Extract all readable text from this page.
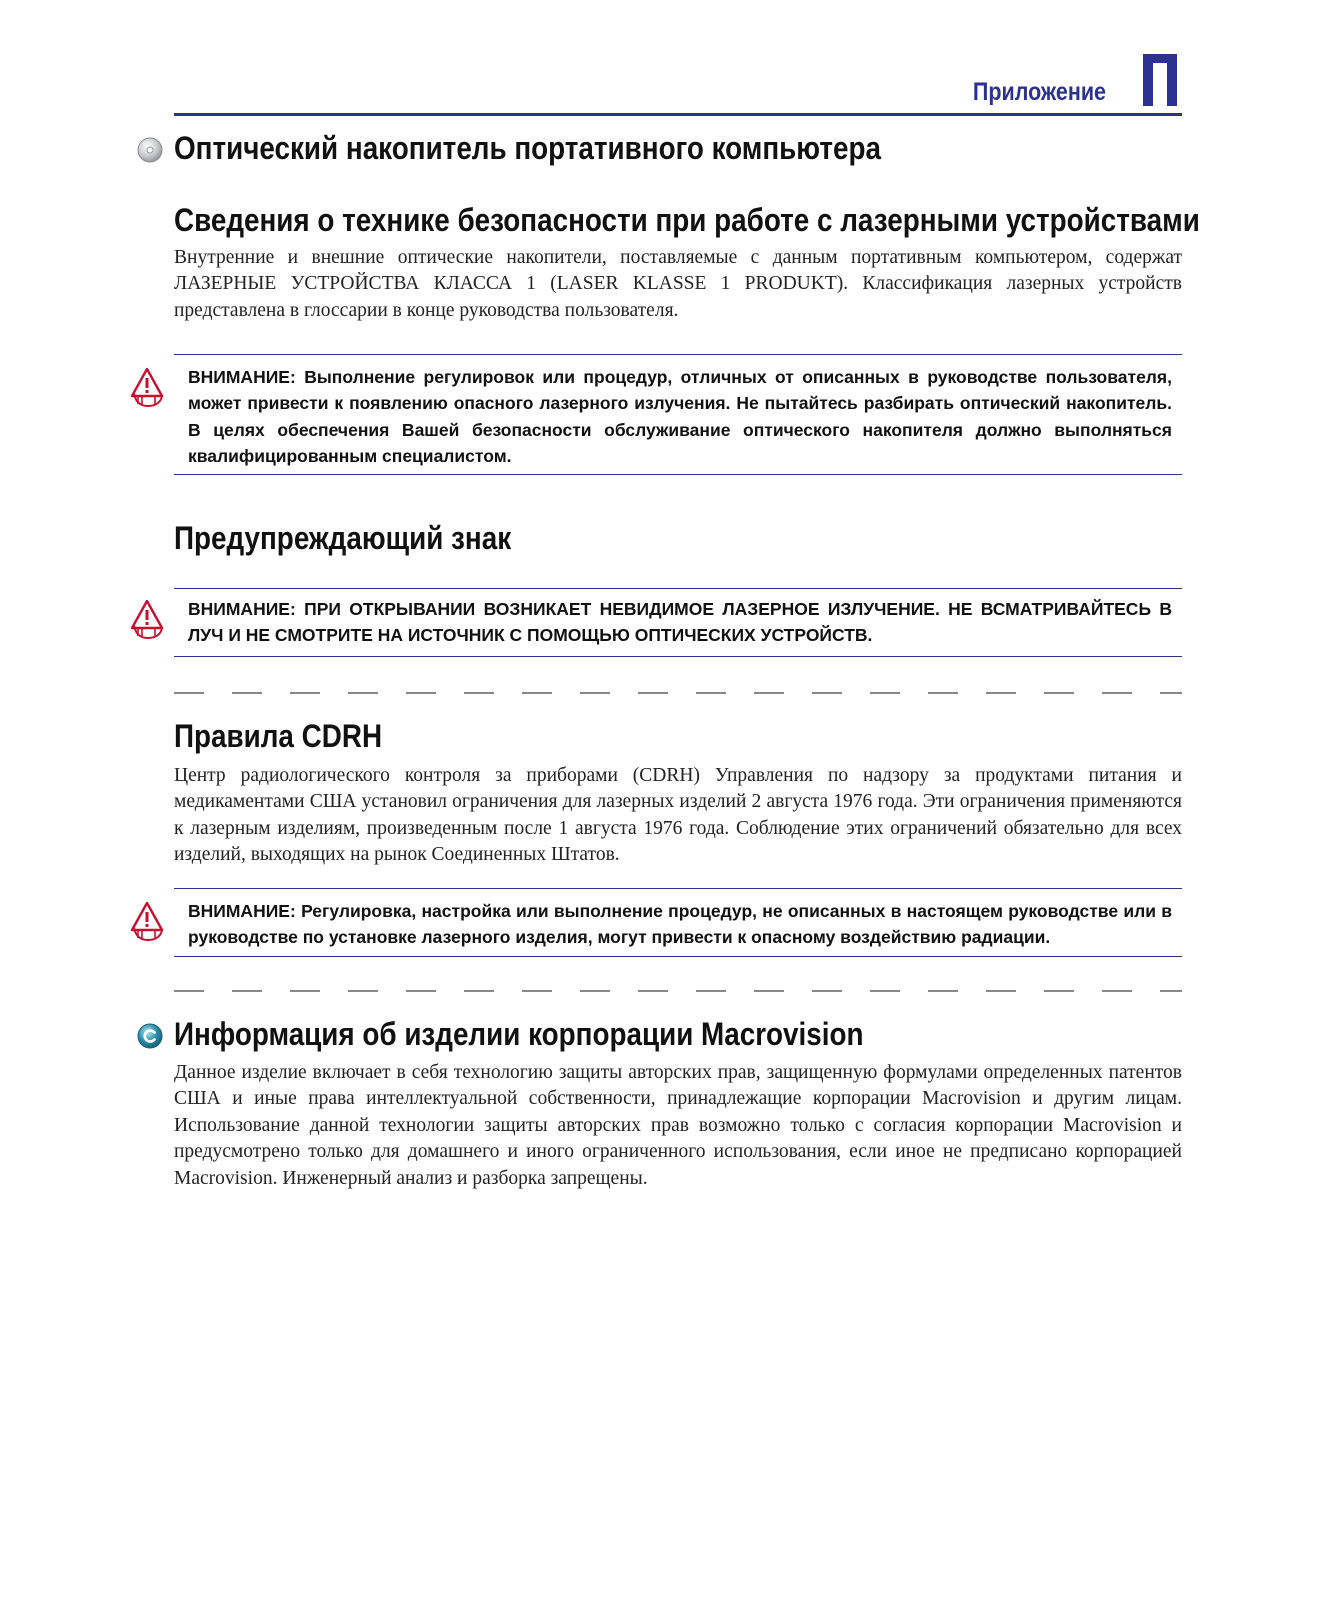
Приложение
Оптический накопитель портативного компьютера
Сведения о технике безопасности при работе с лазерными устройствами
Внутренние и внешние оптические накопители, поставляемые с данным портативным компьютером, содержат ЛАЗЕРНЫЕ УСТРОЙСТВА КЛАССА 1 (LASER KLASSE 1 PRODUKT). Классификация лазерных устройств представлена в глоссарии в конце руководства пользователя.
ВНИМАНИЕ: Выполнение регулировок или процедур, отличных от описанных в руководстве пользователя, может привести к появлению опасного лазерного излучения. Не пытайтесь разбирать оптический накопитель. В целях обеспечения Вашей безопасности обслуживание оптического накопителя должно выполняться квалифицированным специалистом.
Предупреждающий знак
ВНИМАНИЕ: ПРИ ОТКРЫВАНИИ ВОЗНИКАЕТ НЕВИДИМОЕ ЛАЗЕРНОЕ ИЗЛУЧЕНИЕ. НЕ ВСМАТРИВАЙТЕСЬ В ЛУЧ И НЕ СМОТРИТЕ НА ИСТОЧНИК С ПОМОЩЬЮ ОПТИЧЕСКИХ УСТРОЙСТВ.
Правила CDRH
Центр радиологического контроля за приборами (CDRH) Управления по надзору за продуктами питания и медикаментами США установил ограничения для лазерных изделий 2 августа 1976 года. Эти ограничения применяются к лазерным изделиям, произведенным после 1 августа 1976 года. Соблюдение этих ограничений обязательно для всех изделий, выходящих на рынок Соединенных Штатов.
ВНИМАНИЕ: Регулировка, настройка или выполнение процедур, не описанных в настоящем руководстве или в руководстве по установке лазерного изделия, могут привести к опасному воздействию радиации.
Информация об изделии корпорации Macrovision
Данное изделие включает в себя технологию защиты авторских прав, защищенную формулами определенных патентов США и иные права интеллектуальной собственности, принадлежащие корпорации Macrovision и другим лицам. Использование данной технологии защиты авторских прав возможно только с согласия корпорации Macrovision и предусмотрено только для домашнего и иного ограниченного использования, если иное не предписано корпорацией Macrovision. Инженерный анализ и разборка запрещены.
